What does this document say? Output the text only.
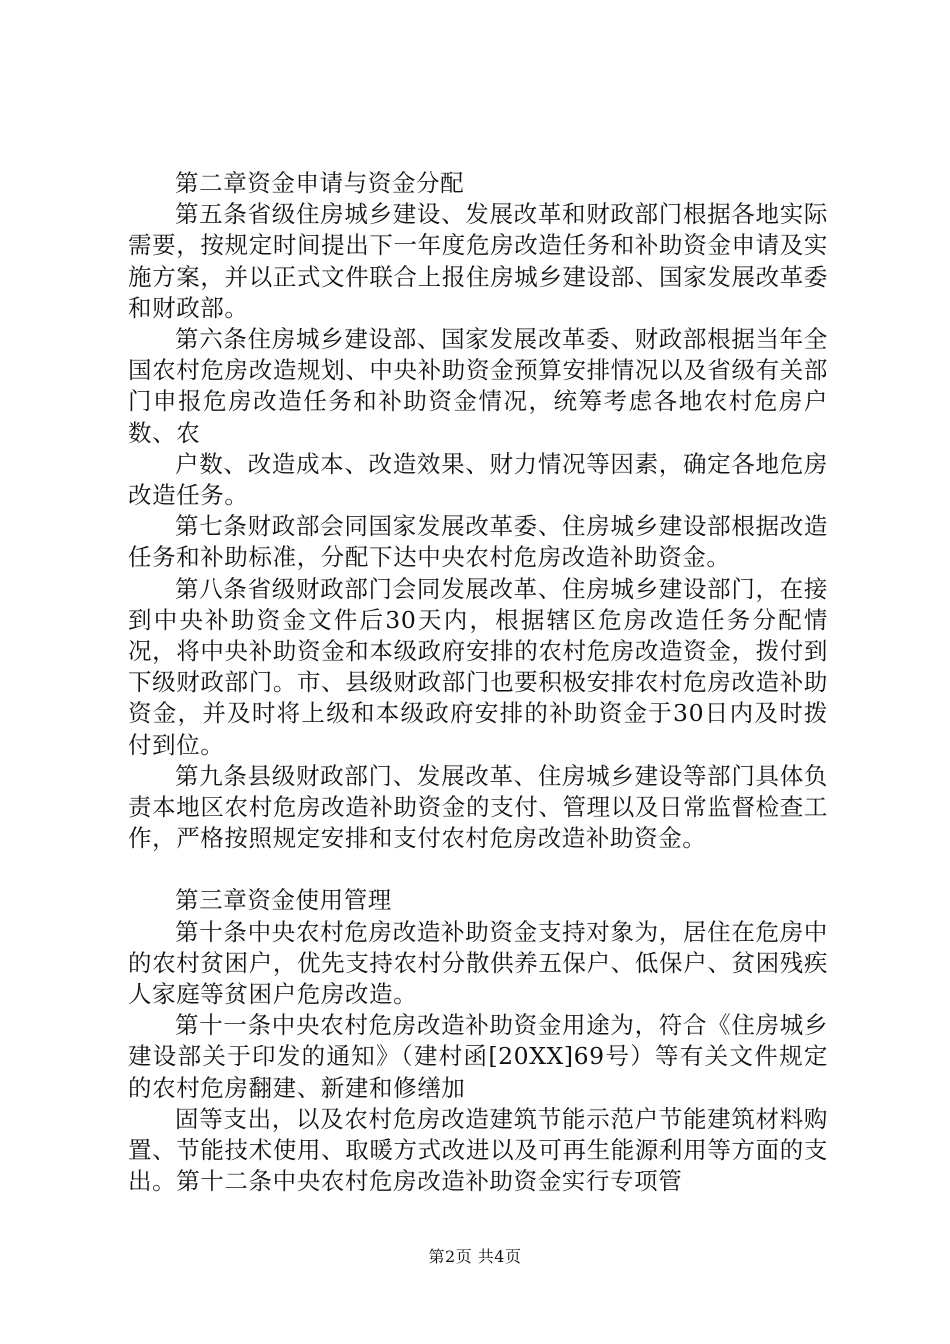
第二章资金申请与资金分配

第五条省级住房城乡建设、发展改革和财政部门根据各地实际需要，按规定时间提出下一年度危房改造任务和补助资金申请及实施方案，并以正式文件联合上报住房城乡建设部、国家发展改革委和财政部。

第六条住房城乡建设部、国家发展改革委、财政部根据当年全国农村危房改造规划、中央补助资金预算安排情况以及省级有关部门申报危房改造任务和补助资金情况，统筹考虑各地农村危房户数、农

户数、改造成本、改造效果、财力情况等因素，确定各地危房改造任务。

第七条财政部会同国家发展改革委、住房城乡建设部根据改造任务和补助标准，分配下达中央农村危房改造补助资金。

第八条省级财政部门会同发展改革、住房城乡建设部门，在接到中央补助资金文件后30天内，根据辖区危房改造任务分配情况，将中央补助资金和本级政府安排的农村危房改造资金，拨付到下级财政部门。市、县级财政部门也要积极安排农村危房改造补助资金，并及时将上级和本级政府安排的补助资金于30日内及时拨付到位。

第九条县级财政部门、发展改革、住房城乡建设等部门具体负责本地区农村危房改造补助资金的支付、管理以及日常监督检查工作，严格按照规定安排和支付农村危房改造补助资金。

第三章资金使用管理

第十条中央农村危房改造补助资金支持对象为，居住在危房中的农村贫困户，优先支持农村分散供养五保户、低保户、贫困残疾人家庭等贫困户危房改造。

第十一条中央农村危房改造补助资金用途为，符合《住房城乡建设部关于印发的通知》（建村函[20XX]69号）等有关文件规定的农村危房翻建、新建和修缮加

固等支出，以及农村危房改造建筑节能示范户节能建筑材料购置、节能技术使用、取暖方式改进以及可再生能源利用等方面的支出。第十二条中央农村危房改造补助资金实行专项管

第2页 共4页
